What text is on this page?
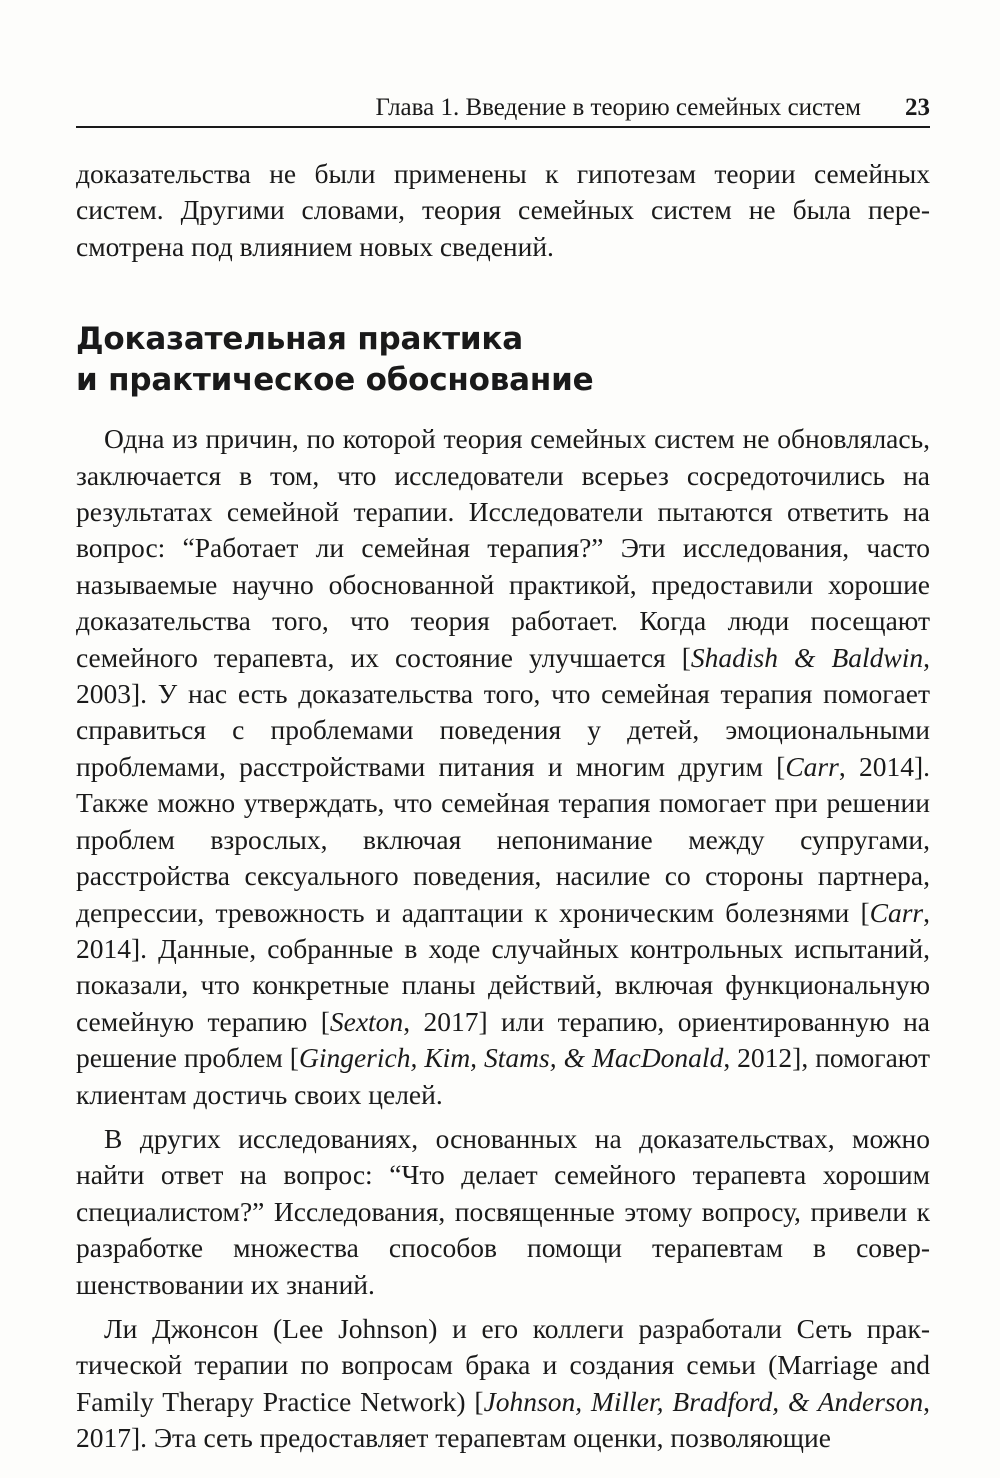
Глава 1. Введение в теорию семейных систем 23

доказательства не были применены к гипотезам теории семейных систем. Другими словами, теория семейных систем не была пересмотрена под влиянием новых сведений.

Доказательная практика
и практическое обоснование

Одна из причин, по которой теория семейных систем не обновлялась, заключается в том, что исследователи всерьез сосредоточились на результатах семейной терапии. Исследователи пытаются ответить на вопрос: “Работает ли семейная терапия?” Эти исследования, часто называемые научно обоснованной практикой, предоставили хорошие доказательства того, что теория работает. Когда люди посещают семейного терапевта, их состояние улучшается [Shadish & Baldwin, 2003]. У нас есть доказательства того, что семейная терапия помогает справиться с проблемами поведения у детей, эмоциональными проблемами, расстройствами питания и многим другим [Carr, 2014]. Также можно утверждать, что семейная терапия помогает при решении проблем взрослых, включая непонимание между супругами, расстройства сексуального поведения, насилие со стороны партнера, депрессии, тревожность и адаптации к хроническим болезнями [Carr, 2014]. Данные, собранные в ходе случайных контрольных испытаний, показали, что конкретные планы действий, включая функциональную семейную терапию [Sexton, 2017] или терапию, ориентированную на решение проблем [Gingerich, Kim, Stams, & MacDonald, 2012], помогают клиентам достичь своих целей.

В других исследованиях, основанных на доказательствах, можно найти ответ на вопрос: “Что делает семейного терапевта хорошим специалистом?” Исследования, посвященные этому вопросу, привели к разработке множества способов помощи терапевтам в совершенствовании их знаний.

Ли Джонсон (Lee Johnson) и его коллеги разработали Сеть практической терапии по вопросам брака и создания семьи (Marriage and Family Therapy Practice Network) [Johnson, Miller, Bradford, & Anderson, 2017]. Эта сеть предоставляет терапевтам оценки, позволяющие
